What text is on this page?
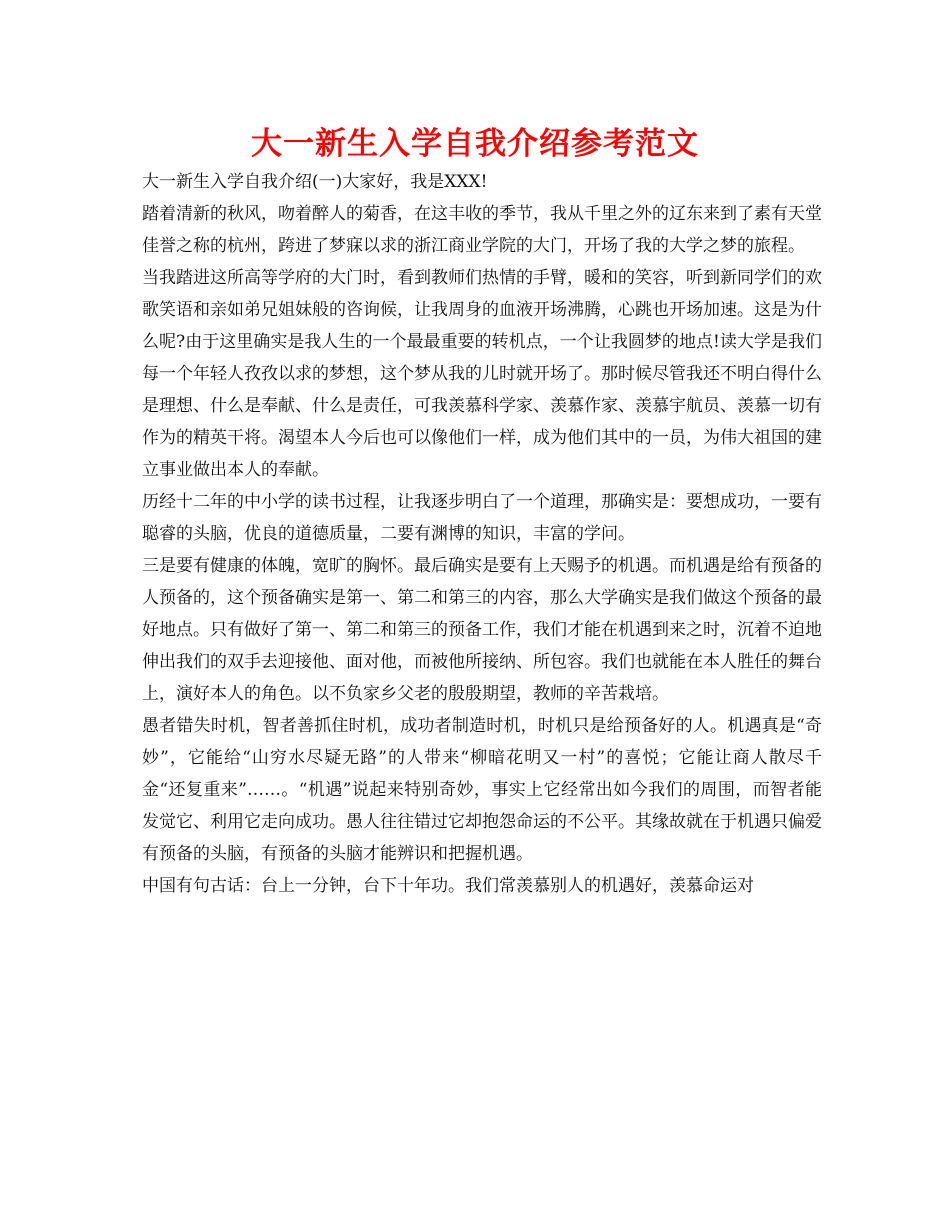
大一新生入学自我介绍参考范文

大一新生入学自我介绍(一)大家好，我是XXX!

踏着清新的秋风，吻着醉人的菊香，在这丰收的季节，我从千里之外的辽东来到了素有天堂佳誉之称的杭州，跨进了梦寐以求的浙江商业学院的大门，开场了我的大学之梦的旅程。

当我踏进这所高等学府的大门时，看到教师们热情的手臂，暖和的笑容，听到新同学们的欢歌笑语和亲如弟兄姐妹般的咨询候，让我周身的血液开场沸腾，心跳也开场加速。这是为什么呢?由于这里确实是我人生的一个最最重要的转机点，一个让我圆梦的地点!读大学是我们每一个年轻人孜孜以求的梦想，这个梦从我的儿时就开场了。那时候尽管我还不明白得什么是理想、什么是奉献、什么是责任，可我羡慕科学家、羡慕作家、羡慕宇航员、羡慕一切有作为的精英干将。渴望本人今后也可以像他们一样，成为他们其中的一员，为伟大祖国的建立事业做出本人的奉献。

历经十二年的中小学的读书过程，让我逐步明白了一个道理，那确实是：要想成功，一要有聪睿的头脑，优良的道德质量，二要有渊博的知识，丰富的学问。

三是要有健康的体魄，宽旷的胸怀。最后确实是要有上天赐予的机遇。而机遇是给有预备的人预备的，这个预备确实是第一、第二和第三的内容，那么大学确实是我们做这个预备的最好地点。只有做好了第一、第二和第三的预备工作，我们才能在机遇到来之时，沉着不迫地伸出我们的双手去迎接他、面对他，而被他所接纳、所包容。我们也就能在本人胜任的舞台上，演好本人的角色。以不负家乡父老的殷殷期望，教师的辛苦栽培。

愚者错失时机，智者善抓住时机，成功者制造时机，时机只是给预备好的人。机遇真是“奇妙”，它能给“山穷水尽疑无路”的人带来“柳暗花明又一村”的喜悦；它能让商人散尽千金“还复重来”……。“机遇”说起来特别奇妙，事实上它经常出如今我们的周围，而智者能发觉它、利用它走向成功。愚人往往错过它却抱怨命运的不公平。其缘故就在于机遇只偏爱有预备的头脑，有预备的头脑才能辨识和把握机遇。

中国有句古话：台上一分钟，台下十年功。我们常羡慕别人的机遇好，羡慕命运对
